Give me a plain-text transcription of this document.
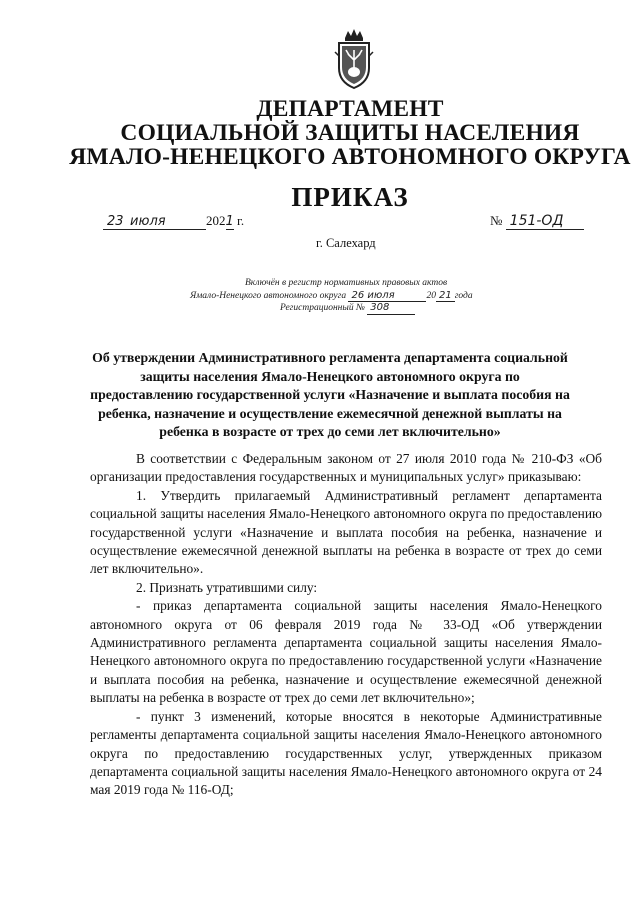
ДЕПАРТАМЕНТ
СОЦИАЛЬНОЙ ЗАЩИТЫ НАСЕЛЕНИЯ
ЯМАЛО-НЕНЕЦКОГО АВТОНОМНОГО ОКРУГА
ПРИКАЗ
23 июля	2021 г.	№ 151-ОД
г. Салехард
Включён в регистр нормативных правовых актов
Ямало-Ненецкого автономного округа 26 июля	20 21 года
Регистрационный № 308
Об утверждении Административного регламента департамента социальной защиты населения Ямало-Ненецкого автономного округа по предоставлению государственной услуги «Назначение и выплата пособия на ребенка, назначение и осуществление ежемесячной денежной выплаты на ребенка в возрасте от трех до семи лет включительно»

В соответствии с Федеральным законом от 27 июля 2010 года № 210-ФЗ «Об организации предоставления государственных и муниципальных услуг» приказываю:

1. Утвердить прилагаемый Административный регламент департамента социальной защиты населения Ямало-Ненецкого автономного округа по предоставлению государственной услуги «Назначение и выплата пособия на ребенка, назначение и осуществление ежемесячной денежной выплаты на ребенка в возрасте от трех до семи лет включительно».

2. Признать утратившими силу:

- приказ департамента социальной защиты населения Ямало-Ненецкого автономного округа от 06 февраля 2019 года № 33-ОД «Об утверждении Административного регламента департамента социальной защиты населения Ямало-Ненецкого автономного округа по предоставлению государственной услуги «Назначение и выплата пособия на ребенка, назначение и осуществление ежемесячной денежной выплаты на ребенка в возрасте от трех до семи лет включительно»;

- пункт 3 изменений, которые вносятся в некоторые Административные регламенты департамента социальной защиты населения Ямало-Ненецкого автономного округа по предоставлению государственных услуг, утвержденных приказом департамента социальной защиты населения Ямало-Ненецкого автономного округа от 24 мая 2019 года № 116-ОД;
